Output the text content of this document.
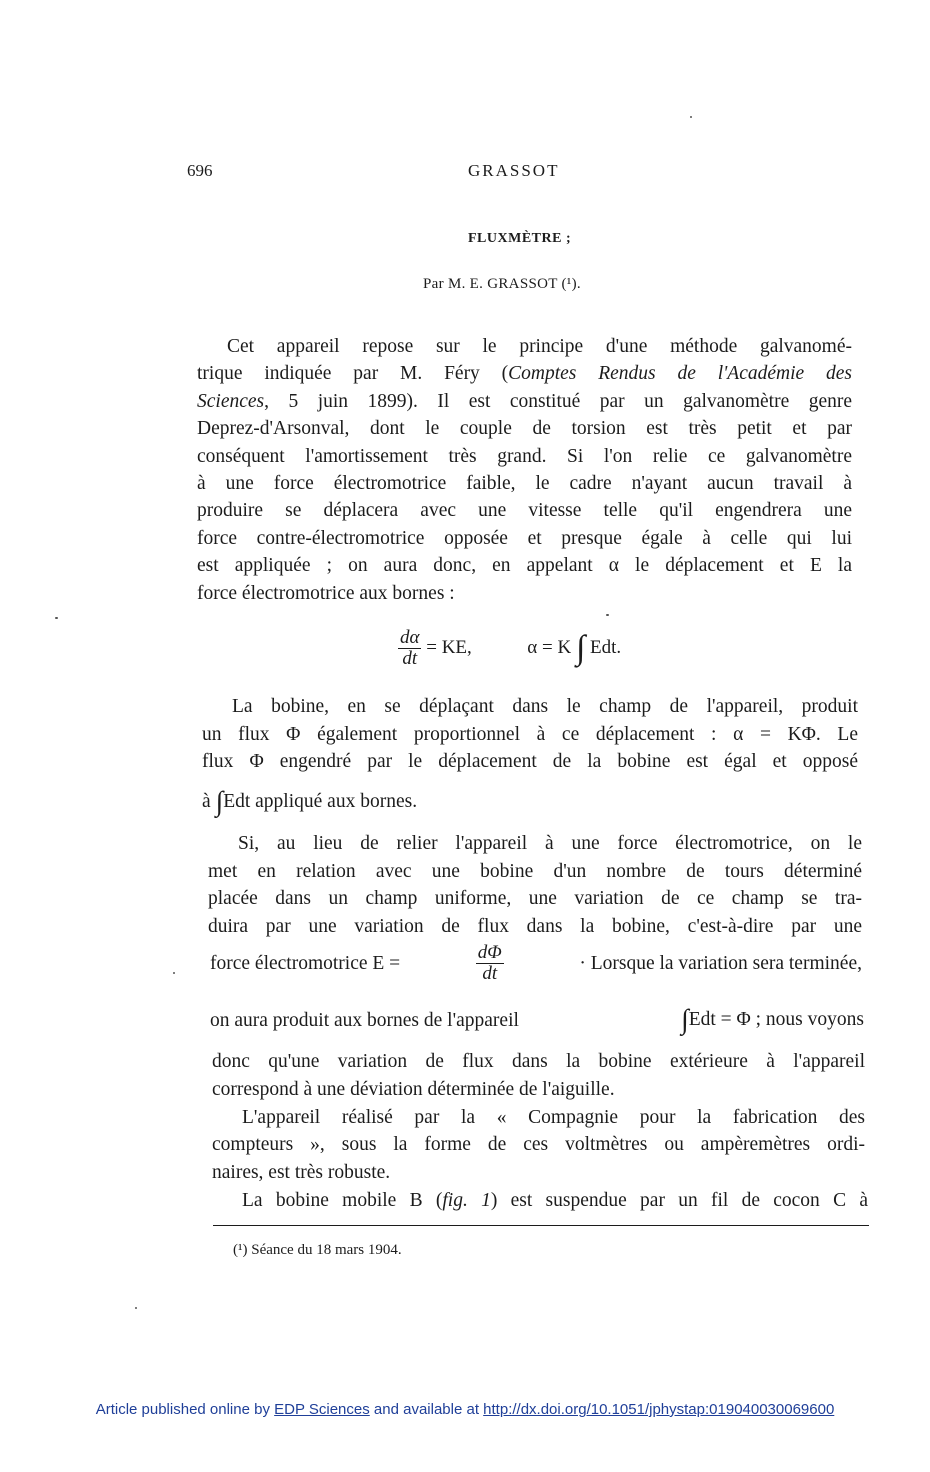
696	GRASSOT
FLUXMÈTRE ;
Par M. E. GRASSOT (¹).
Cet appareil repose sur le principe d'une méthode galvanomé-
trique indiquée par M. Féry (Comptes Rendus de l'Académie des
Sciences, 5 juin 1899). Il est constitué par un galvanomètre genre
Deprez-d'Arsonval, dont le couple de torsion est très petit et par
conséquent l'amortissement très grand. Si l'on relie ce galvanomètre
à une force électromotrice faible, le cadre n'ayant aucun travail à
produire se déplacera avec une vitesse telle qu'il engendrera une
force contre-électromotrice opposée et presque égale à celle qui lui
est appliquée ; on aura donc, en appelant α le déplacement et E la
force électromotrice aux bornes :
$\frac{d\alpha}{dt}$ = KE,	α = K ∫ Edt.
La bobine, en se déplaçant dans le champ de l'appareil, produit
un flux Φ également proportionnel à ce déplacement : α = KΦ. Le
flux Φ engendré par le déplacement de la bobine est égal et opposé
à ∫Edt appliqué aux bornes.
Si, au lieu de relier l'appareil à une force électromotrice, on le
met en relation avec une bobine d'un nombre de tours déterminé
placée dans un champ uniforme, une variation de ce champ se tra-
duira par une variation de flux dans la bobine, c'est-à-dire par une
force électromotrice E =	$\frac{d\Phi}{dt}$	· Lorsque la variation sera terminée,
on aura produit aux bornes de l'appareil	∫Edt = Φ ; nous voyons
donc qu'une variation de flux dans la bobine extérieure à l'appareil
correspond à une déviation déterminée de l'aiguille.
L'appareil réalisé par la « Compagnie pour la fabrication des
compteurs », sous la forme de ces voltmètres ou ampèremètres ordi-
naires, est très robuste.
La bobine mobile B (fig. 1) est suspendue par un fil de cocon C à
(¹) Séance du 18 mars 1904.
Article published online by EDP Sciences and available at http://dx.doi.org/10.1051/jphystap:019040030069600
